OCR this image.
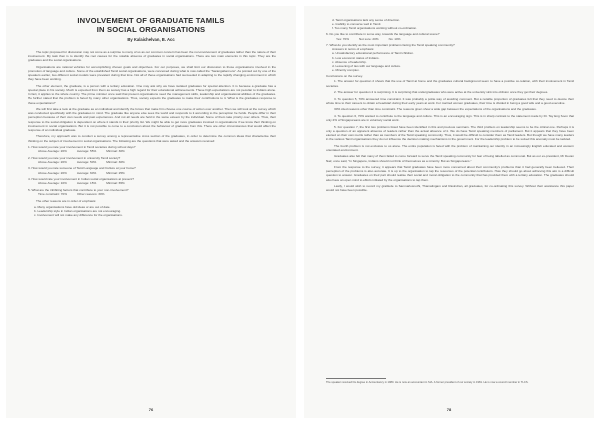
INVOLVEMENT OF GRADUATE TAMILS
IN SOCIAL ORGANISATIONS
By Kalaichelvan, B. Acc

The topic proposed for discussion may not come as a surprise to many of us as our common concern has been the non-involvement of graduates rather than the nature of their involvement. My task then is to identify the root causes for the notable absence of graduates in social organisations. There are two main elements in this topic. They are the graduates and the social organisations.

Organisations are rational vehicles for accomplishing chosen goals and objectives. For our purposes, we shall limit our discussion to those organisations involved in the promotion of language and culture. Some of the established Tamil social organisations, were conceived during what is now called the "Sarangabani era". As pointed out by one of the speakers earlier, two different social models were prevalent during that time. Not all of these organisations had succeeded in adapting to the rapidly changing environment in which they have been working.

The other element, the graduate, is a person with a tertiary education. One may ask why we have isolated graduates for special attention. It is because a graduate has a special place in his society. Much is expected from them as society has a high regard for their educational achievements. These high expectations are not peculiar to Indians alone. In fact, it applies to the whole country. The prime minister once said that present organisations need the management skills, leadership and organisational abilities of the graduates. He further stated that the problem is faced by many other organisations. Thus, society expects the graduates to make their contributions to it. What is the graduates response to these expectations?

We will first take a look at the graduate as an individual and identify the forces that make him choose one course of action over another. Then we will look at the survey which was conducted specifically with the graduates in mind. The graduate like anyone else sees the world and responds to it according to the perception he holds. People differ in their perception because of their own needs and past experiences. And not all needs are held in the same esteem by the individual. Some of them take priority over others. Thus, their response to the social obligation is dependent on where it stands in their priority list. We might be able to get more graduates involved in organisations if we know their thinking on involvement in social organisations. But it is not possible to come to a conclusion about the behaviour of graduates from this. There are other circumstances that would affect the response of an individual graduate.

Therefore, my approach was to conduct a survey among a representative cross section of the graduates, in order to determine the common ideas that characterise their thinking on the subject of involvement in social organisations. The following are the questions that were asked and the answers received:

1. How would you rate your involvement in Tamil societies during school days?
Above Average: 20%	Average: 55%	Minimal: 30%
2. How would you rate your involvement in university Tamil society?
Above Average: 20%	Average: 50%	Minimal: 30%
3. How would you rate someone of Tamil Language and Culture at your home?
Above Average: 20%	Average: 60%	Minimal: 25%
4. How would rate your involvement in Indian social organisations at present?
Above Average: 10%	Average: 15%	Minimal: 65%
5. What are the inhibiting factors that contribute to your non-involvement?
Time constraint: 70%	Other reasons: 30%

The other reasons are in order of emphasis:

a. Many organisations have old ideas or are out of date.
b. Leadership style in Indian organisations are not encouraging.
c. Involvement will not make any difference for the organisations.
76
d. Tamil organisations lack any sense of direction.
e. Inability to converse well in Tamil.
f. Too many Tamil organisations working without co-ordination.
6. Do you like to contribute in some way, towards the language and cultural scene?
Yes: 70%	Not sure: 20%	No: 10%
7. What do you identify as the most important problems facing the Tamil speaking community?
Answers in terms of emphasis:
a. Unsatisfactory educational performance of Tamil children.
b. Low economic status of Indians.
c. Absence of leadership.
d. Lessening of ties with our language and culture.
e. Minority complex.
Conclusions on the survey.

1. The answer for question 2 shows that the use of Tamil at home and the graduates cultural background seem to have a positive co-relation, with their involvement in Tamil societies.

2. The answer for question 4 is surprising. It is surprising that undergraduates who were active at the university sink into oblivion once they get their degrees.

3. To question 5, 70% answered time constraint. It was probably a polite way of avoiding comment. But a notable proportion of graduates felt that they need to devote their whole time to their careers to obtain a headstart during their early years at work. For married women graduates, their time is divided in being a good wife and a good executive.

30% cited reasons other than time constraint. The reasons given show a wide gap between the expectations of the organisations and the graduates.

4. To question 6, 70% wanted to contribute to the language and culture. This is an encouraging sign. This is in sharp contrast to the statement made by Dr. Tay Eng Soon that only 2% of Singaporeans are in voluntary social work.

5. For question 7, the first two problems listed have been identified in this and previous seminars. The third problem on leadership seems to be the critical one. Perhaps it is only a question of an apparent absence of leaders rather than the actual absence of it. We do have Tamil speaking members of parliament. But it appears that they have been elected on their own merits rather than as members of the Tamil speaking community. Thus, it would be difficult to consider them as Tamil leaders. But though we have many leaders in the various Tamil organisations they do not influence the decision making mechanisms in the government. For the leadership problem to be solved this anomaly must be tackled.

The fourth problem is not exclusive to us alone. The entire population is faced with the problem of maintaining our identity in an increasingly English educated and western orientated environment.

Graduates also felt that many of them failed to come forward to serve the Tamil speaking community for fear of being labelled as communal. But as our ex-president, Mr Devan Nair, once said, "In Singapore, Indians should not think of themselves as a minority. But as Singaporeans."

From the response to the survey, it appears that Tamil graduates have been more concerned about their community's problems than it had generally been believed. Their perception of the problems is also accurate. It is up to the organisation to tap the resources of the potential contributors. How they should go about achieving this aim is a difficult question to answer. Graduates on their part should realise their social and moral obligation to the community that has provided them with a tertiary education. The graduates should also have an open mind to efforts initiated by the organisations to tap them.

Lastly, I would wish to record my gratitude to Sanmarlosnothi, Thamalingam and Ravindran, all graduates, for co-ordinating this survey. Without their assistance this paper would not have been possible.

The speaker received his degree in Accountancy in 1980. He is now an accountant in SIA. A former president of our society in 1981. He is now a council member in TLCS.
78
